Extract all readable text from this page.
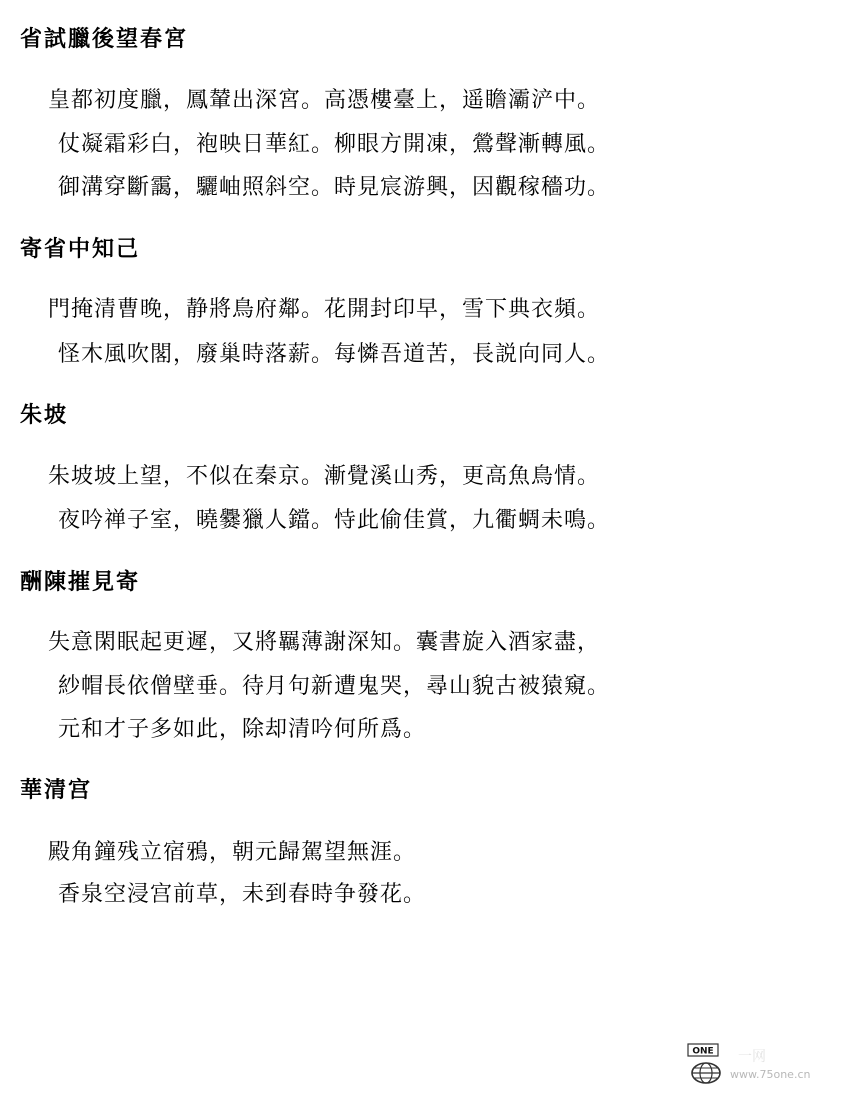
省試臘後望春宮
皇都初度臘，鳳輦出深宮。高憑樓臺上，遥瞻灞浐中。
仗凝霜彩白，袍映日華紅。柳眼方開凍，鶯聲漸轉風。
御溝穿斷靄，驪岫照斜空。時見宸游興，因觀稼穡功。
寄省中知己
門掩清曹晚，静將鳥府鄰。花開封印早，雪下典衣頻。
怪木風吹閣，廢巢時落薪。每憐吾道苦，長説向同人。
朱坡
朱坡坡上望，不似在秦京。漸覺溪山秀，更高魚鳥情。
夜吟禅子室，曉爨獵人鐺。恃此偷佳賞，九衢蜩未鳴。
酬陳摧見寄
失意閑眠起更遲，又將羈薄謝深知。囊書旋入酒家盡，
紗帽長依僧壁垂。待月句新遭鬼哭，尋山貌古被猿窺。
元和才子多如此，除却清吟何所爲。
華清宫
殿角鐘残立宿鴉，朝元歸駕望無涯。
香泉空浸宫前草，未到春時争發花。
ONE 一网
www.75one.cn
